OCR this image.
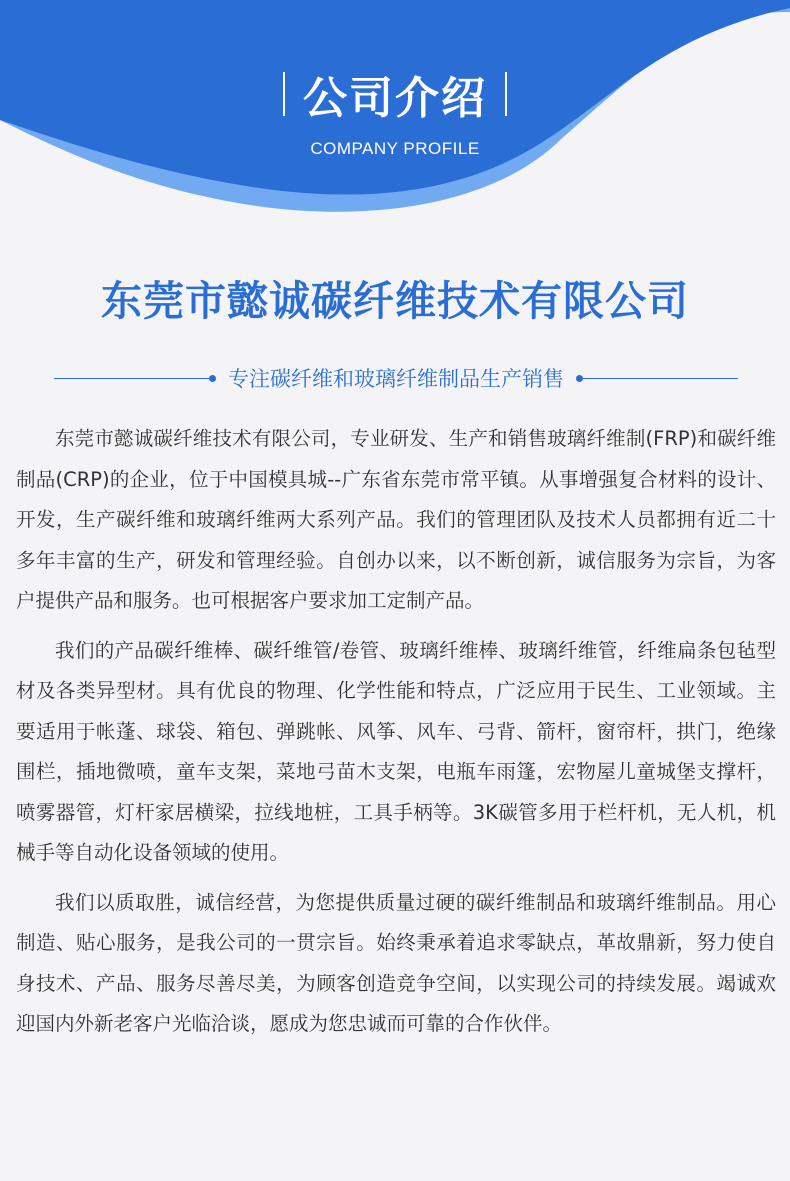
公司介绍
COMPANY PROFILE
东莞市懿诚碳纤维技术有限公司
专注碳纤维和玻璃纤维制品生产销售

东莞市懿诚碳纤维技术有限公司，专业研发、生产和销售玻璃纤维制(FRP)和碳纤维制品(CRP)的企业，位于中国模具城--广东省东莞市常平镇。从事增强复合材料的设计、开发，生产碳纤维和玻璃纤维两大系列产品。我们的管理团队及技术人员都拥有近二十多年丰富的生产，研发和管理经验。自创办以来，以不断创新，诚信服务为宗旨，为客户提供产品和服务。也可根据客户要求加工定制产品。

我们的产品碳纤维棒、碳纤维管/卷管、玻璃纤维棒、玻璃纤维管，纤维扁条包毡型材及各类异型材。具有优良的物理、化学性能和特点，广泛应用于民生、工业领域。主要适用于帐蓬、球袋、箱包、弹跳帐、风筝、风车、弓背、箭杆，窗帘杆，拱门，绝缘围栏，插地微喷，童车支架，菜地弓苗木支架，电瓶车雨篷，宏物屋儿童城堡支撑杆，喷雾器管，灯杆家居横梁，拉线地桩，工具手柄等。3K碳管多用于栏杆机，无人机，机械手等自动化设备领域的使用。

我们以质取胜，诚信经营，为您提供质量过硬的碳纤维制品和玻璃纤维制品。用心制造、贴心服务，是我公司的一贯宗旨。始终秉承着追求零缺点，革故鼎新，努力使自身技术、产品、服务尽善尽美，为顾客创造竞争空间，以实现公司的持续发展。竭诚欢迎国内外新老客户光临洽谈，愿成为您忠诚而可靠的合作伙伴。
